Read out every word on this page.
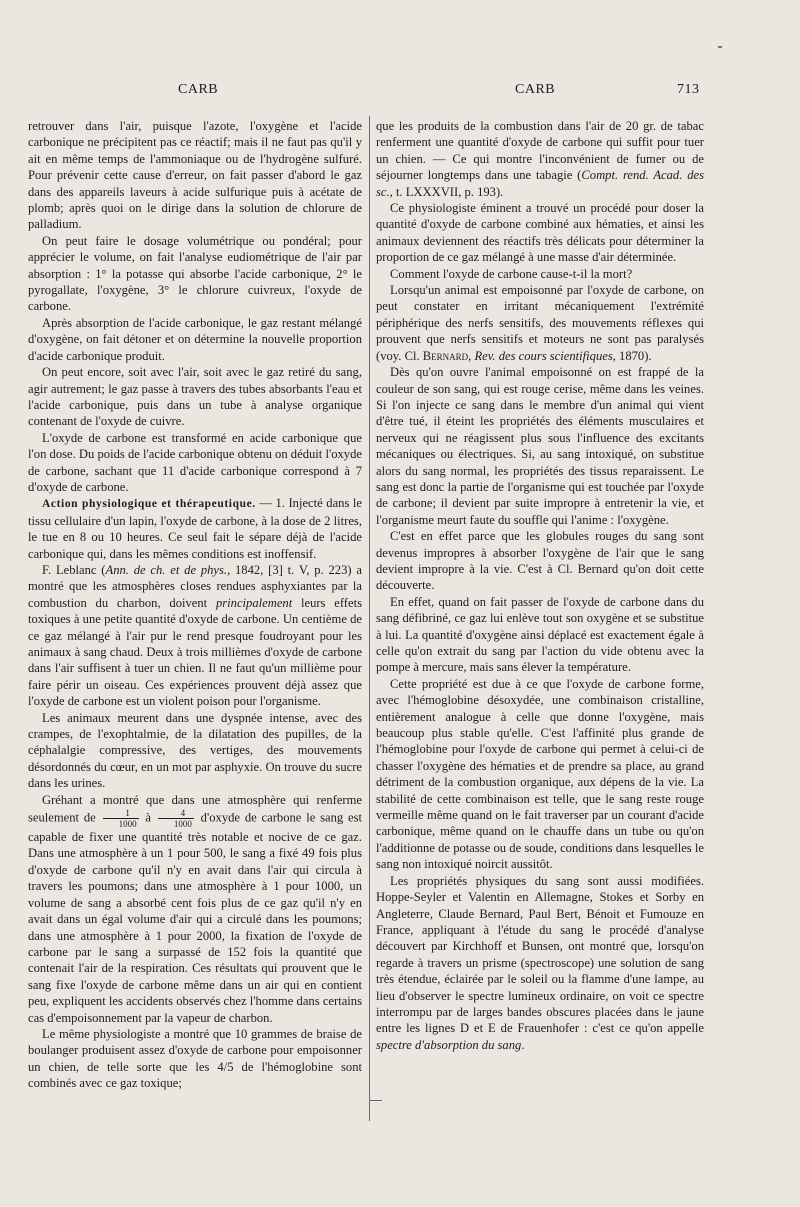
CARB	CARB	713

retrouver dans l'air, puisque l'azote, l'oxygène et l'acide carbonique ne précipitent pas ce réactif; mais il ne faut pas qu'il y ait en même temps de l'ammoniaque ou de l'hydrogène sulfuré. Pour prévenir cette cause d'erreur, on fait passer d'abord le gaz dans des appareils laveurs à acide sulfurique puis à acétate de plomb; après quoi on le dirige dans la solution de chlorure de palladium.

On peut faire le dosage volumétrique ou pondéral; pour apprécier le volume, on fait l'analyse eudiométrique de l'air par absorption : 1° la potasse qui absorbe l'acide carbonique, 2° le pyrogallate, l'oxygène, 3° le chlorure cuivreux, l'oxyde de carbone.

Après absorption de l'acide carbonique, le gaz restant mélangé d'oxygène, on fait détoner et on détermine la nouvelle proportion d'acide carbonique produit.

On peut encore, soit avec l'air, soit avec le gaz retiré du sang, agir autrement; le gaz passe à travers des tubes absorbants l'eau et l'acide carbonique, puis dans un tube à analyse organique contenant de l'oxyde de cuivre.

L'oxyde de carbone est transformé en acide carbonique que l'on dose. Du poids de l'acide carbonique obtenu on déduit l'oxyde de carbone, sachant que 11 d'acide carbonique correspond à 7 d'oxyde de carbone.

Action physiologique et thérapeutique. — 1. Injecté dans le tissu cellulaire d'un lapin, l'oxyde de carbone, à la dose de 2 litres, le tue en 8 ou 10 heures. Ce seul fait le sépare déjà de l'acide carbonique qui, dans les mêmes conditions est inoffensif.

F. Leblanc (Ann. de ch. et de phys., 1842, [3] t. V, p. 223) a montré que les atmosphères closes rendues asphyxiantes par la combustion du charbon, doivent principalement leurs effets toxiques à une petite quantité d'oxyde de carbone. Un centième de ce gaz mélangé à l'air pur le rend presque foudroyant pour les animaux à sang chaud. Deux à trois millièmes d'oxyde de carbone dans l'air suffisent à tuer un chien. Il ne faut qu'un millième pour faire périr un oiseau. Ces expériences prouvent déjà assez que l'oxyde de carbone est un violent poison pour l'organisme.

Les animaux meurent dans une dyspnée intense, avec des crampes, de l'exophtalmie, de la dilatation des pupilles, de la céphalalgie compressive, des vertiges, des mouvements désordonnés du cœur, en un mot par asphyxie. On trouve du sucre dans les urines.

Gréhant a montré que dans une atmosphère qui renferme seulement de $\frac{1}{1000}$ à $\frac{4}{1000}$ d'oxyde de carbone le sang est capable de fixer une quantité très notable et nocive de ce gaz. Dans une atmosphère à un 1 pour 500, le sang a fixé 49 fois plus d'oxyde de carbone qu'il n'y en avait dans l'air qui circula à travers les poumons; dans une atmosphère à 1 pour 1000, un volume de sang a absorbé cent fois plus de ce gaz qu'il n'y en avait dans un égal volume d'air qui a circulé dans les poumons; dans une atmosphère à 1 pour 2000, la fixation de l'oxyde de carbone par le sang a surpassé de 152 fois la quantité que contenait l'air de la respiration. Ces résultats qui prouvent que le sang fixe l'oxyde de carbone même dans un air qui en contient peu, expliquent les accidents observés chez l'homme dans certains cas d'empoisonnement par la vapeur de charbon.

Le même physiologiste a montré que 10 grammes de braise de boulanger produisent assez d'oxyde de carbone pour empoisonner un chien, de telle sorte que les 4/5 de l'hémoglobine sont combinés avec ce gaz toxique;

que les produits de la combustion dans l'air de 20 gr. de tabac renferment une quantité d'oxyde de carbone qui suffit pour tuer un chien. — Ce qui montre l'inconvénient de fumer ou de séjourner longtemps dans une tabagie (Compt. rend. Acad. des sc., t. LXXXVII, p. 193).

Ce physiologiste éminent a trouvé un procédé pour doser la quantité d'oxyde de carbone combiné aux hématies, et ainsi les animaux deviennent des réactifs très délicats pour déterminer la proportion de ce gaz mélangé à une masse d'air déterminée.

Comment l'oxyde de carbone cause-t-il la mort?

Lorsqu'un animal est empoisonné par l'oxyde de carbone, on peut constater en irritant mécaniquement l'extrémité périphérique des nerfs sensitifs, des mouvements réflexes qui prouvent que nerfs sensitifs et moteurs ne sont pas paralysés (voy. Cl. Bernard, Rev. des cours scientifiques, 1870).

Dès qu'on ouvre l'animal empoisonné on est frappé de la couleur de son sang, qui est rouge cerise, même dans les veines. Si l'on injecte ce sang dans le membre d'un animal qui vient d'être tué, il éteint les propriétés des éléments musculaires et nerveux qui ne réagissent plus sous l'influence des excitants mécaniques ou électriques. Si, au sang intoxiqué, on substitue alors du sang normal, les propriétés des tissus reparaissent. Le sang est donc la partie de l'organisme qui est touchée par l'oxyde de carbone; il devient par suite impropre à entretenir la vie, et l'organisme meurt faute du souffle qui l'anime : l'oxygène.

C'est en effet parce que les globules rouges du sang sont devenus impropres à absorber l'oxygène de l'air que le sang devient impropre à la vie. C'est à Cl. Bernard qu'on doit cette découverte.

En effet, quand on fait passer de l'oxyde de carbone dans du sang défibriné, ce gaz lui enlève tout son oxygène et se substitue à lui. La quantité d'oxygène ainsi déplacé est exactement égale à celle qu'on extrait du sang par l'action du vide obtenu avec la pompe à mercure, mais sans élever la température.

Cette propriété est due à ce que l'oxyde de carbone forme, avec l'hémoglobine désoxydée, une combinaison cristalline, entièrement analogue à celle que donne l'oxygène, mais beaucoup plus stable qu'elle. C'est l'affinité plus grande de l'hémoglobine pour l'oxyde de carbone qui permet à celui-ci de chasser l'oxygène des hématies et de prendre sa place, au grand détriment de la combustion organique, aux dépens de la vie. La stabilité de cette combinaison est telle, que le sang reste rouge vermeille même quand on le fait traverser par un courant d'acide carbonique, même quand on le chauffe dans un tube ou qu'on l'additionne de potasse ou de soude, conditions dans lesquelles le sang non intoxiqué noircit aussitôt.

Les propriétés physiques du sang sont aussi modifiées. Hoppe-Seyler et Valentin en Allemagne, Stokes et Sorby en Angleterre, Claude Bernard, Paul Bert, Bénoit et Fumouze en France, appliquant à l'étude du sang le procédé d'analyse découvert par Kirchhoff et Bunsen, ont montré que, lorsqu'on regarde à travers un prisme (spectroscope) une solution de sang très étendue, éclairée par le soleil ou la flamme d'une lampe, au lieu d'observer le spectre lumineux ordinaire, on voit ce spectre interrompu par de larges bandes obscures placées dans le jaune entre les lignes D et E de Frauenhofer : c'est ce qu'on appelle spectre d'absorption du sang.
